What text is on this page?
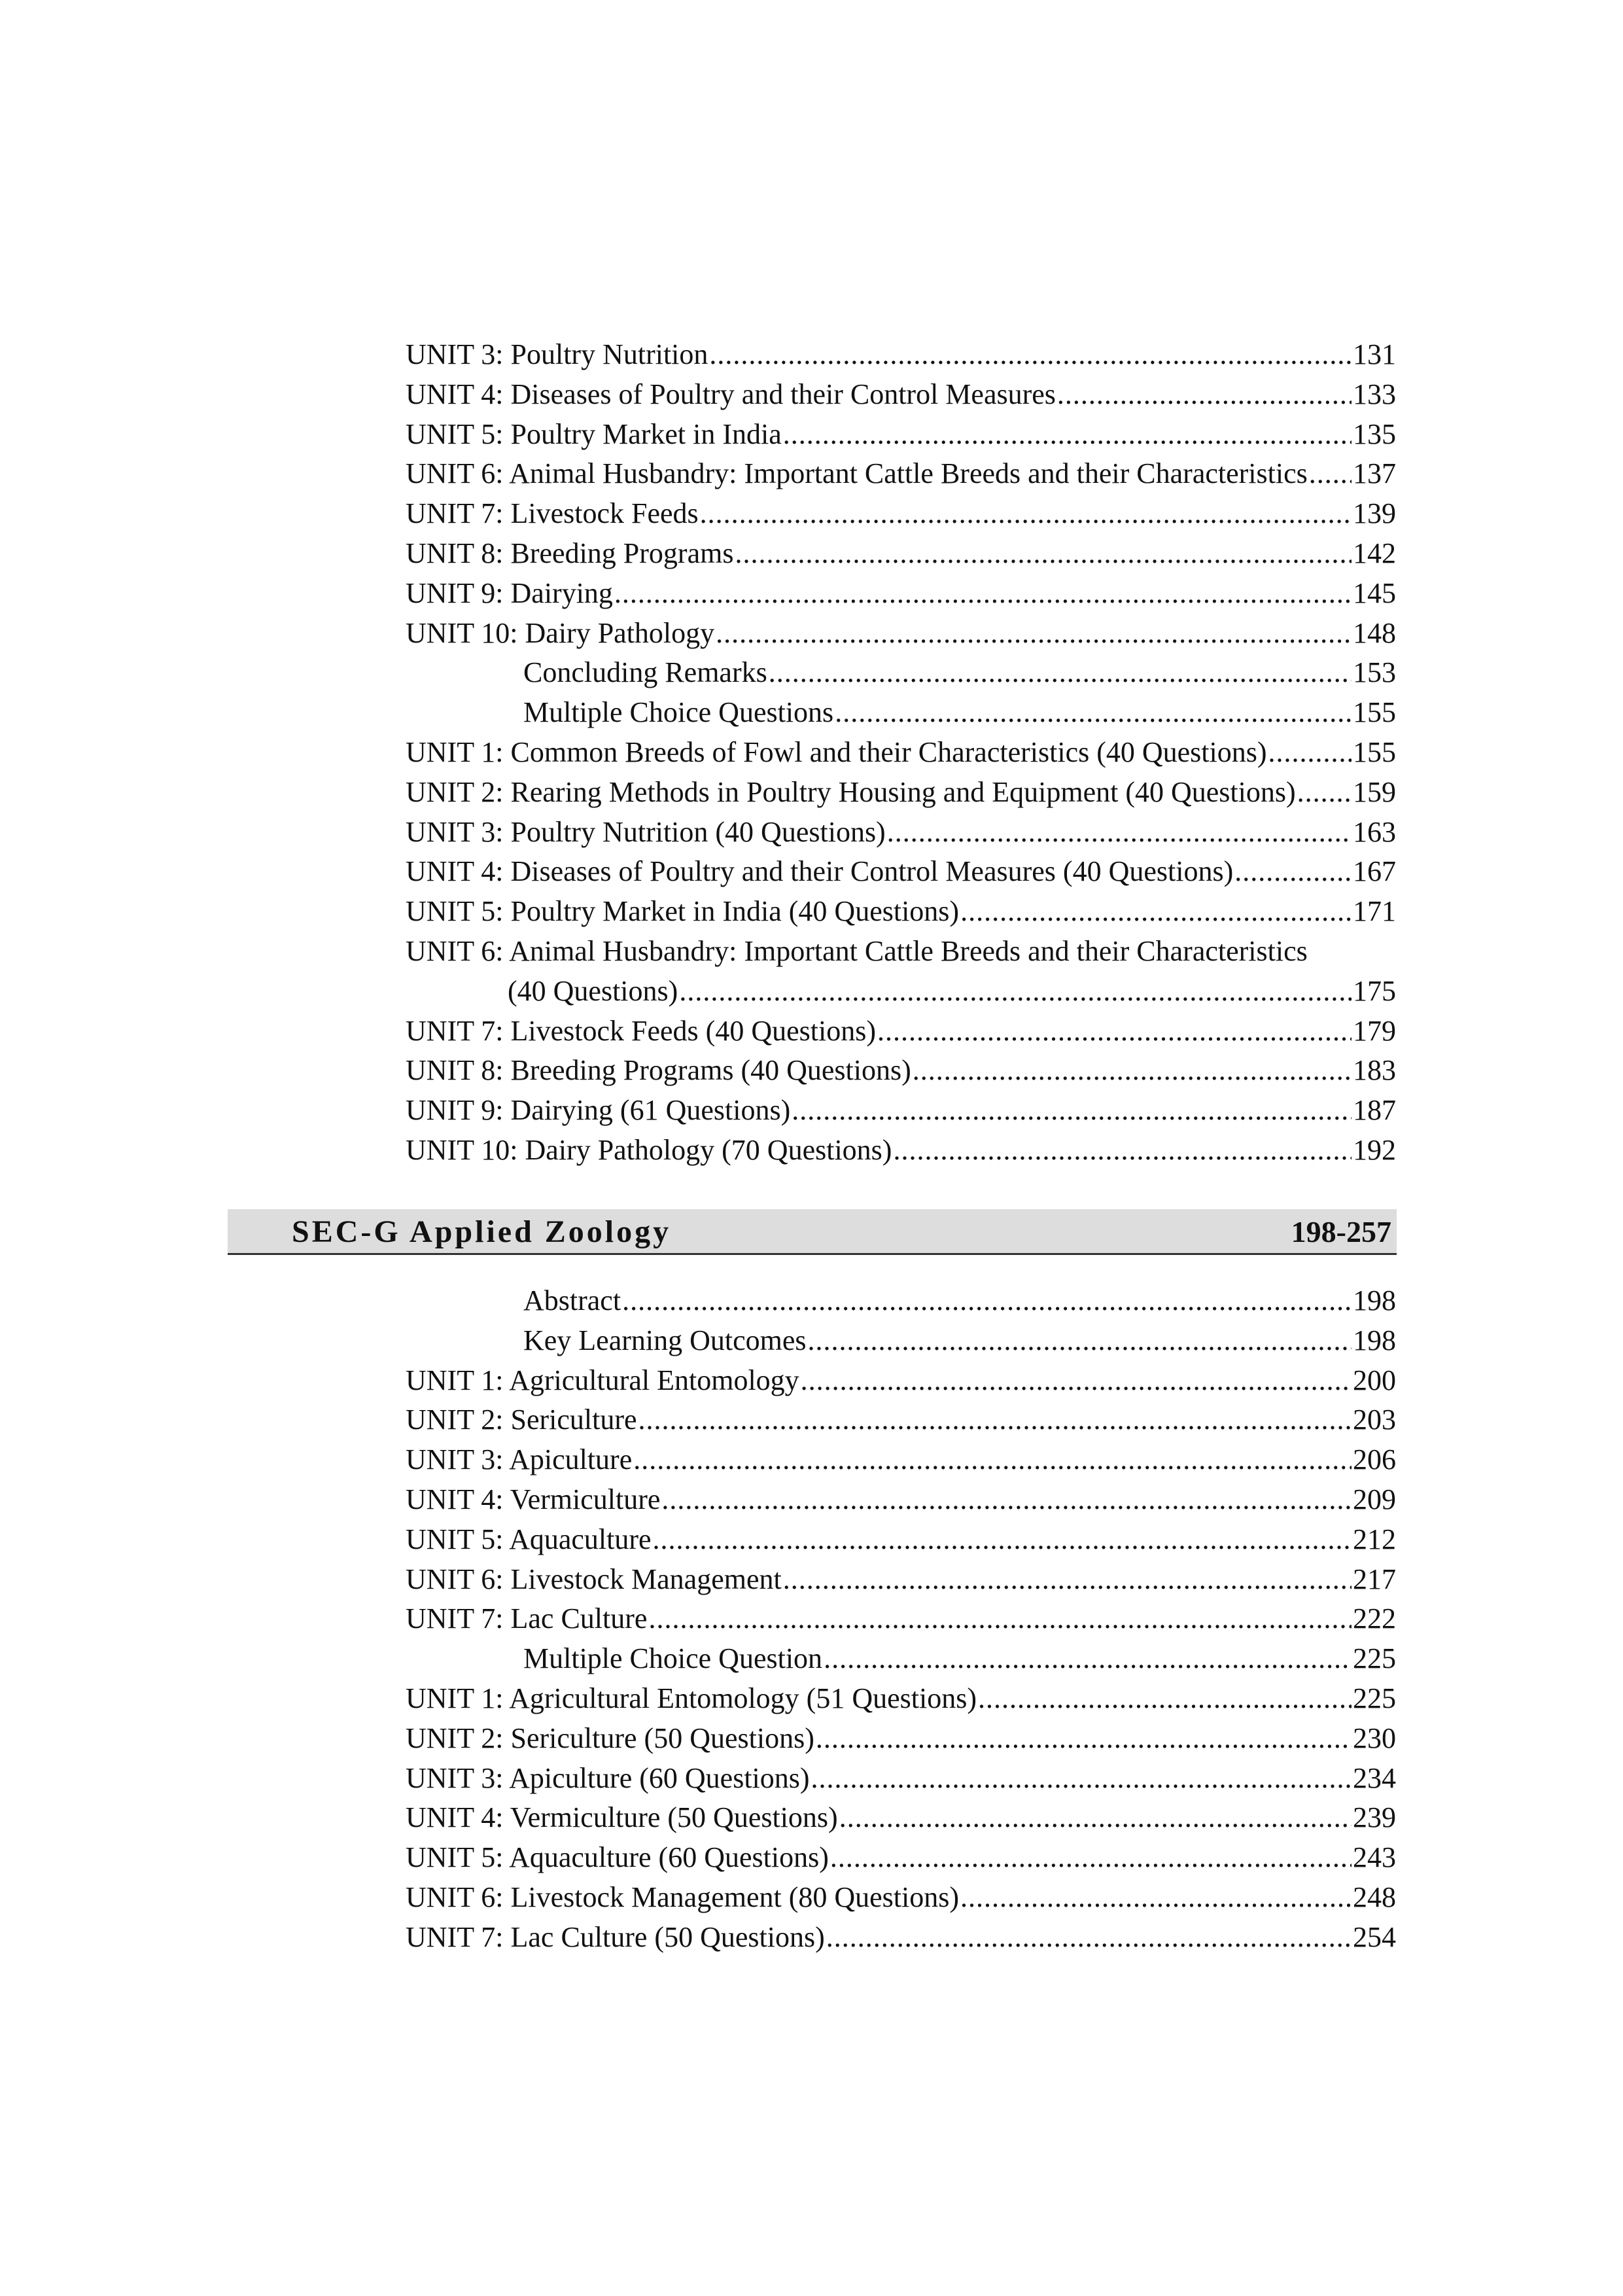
UNIT 3: Poultry Nutrition .....	131
UNIT 4: Diseases of Poultry and their Control Measures .....	133
UNIT 5: Poultry Market in India .....	135
UNIT 6: Animal Husbandry: Important Cattle Breeds and their Characteristics ..... 137
UNIT 7: Livestock Feeds .....	139
UNIT 8: Breeding Programs .....	142
UNIT 9: Dairying .....	145
UNIT 10: Dairy Pathology .....	148
Concluding Remarks .....	153
Multiple Choice Questions .....	155
UNIT 1: Common Breeds of Fowl and their Characteristics (40 Questions) .....	155
UNIT 2: Rearing Methods in Poultry Housing and Equipment (40 Questions) ..... 159
UNIT 3: Poultry Nutrition (40 Questions) .....	163
UNIT 4: Diseases of Poultry and their Control Measures (40 Questions) .....	167
UNIT 5: Poultry Market in India (40 Questions) .....	171
UNIT 6: Animal Husbandry: Important Cattle Breeds and their Characteristics
(40 Questions) .....	175
UNIT 7: Livestock Feeds (40 Questions) .....	179
UNIT 8: Breeding Programs (40 Questions) .....	183
UNIT 9: Dairying (61 Questions) .....	187
UNIT 10: Dairy Pathology (70 Questions) .....	192
SEC-G Applied Zoology	198-257
Abstract .....	198
Key Learning Outcomes .....	198
UNIT 1: Agricultural Entomology .....	200
UNIT 2: Sericulture .....	203
UNIT 3: Apiculture .....	206
UNIT 4: Vermiculture .....	209
UNIT 5: Aquaculture .....	212
UNIT 6: Livestock Management .....	217
UNIT 7: Lac Culture .....	222
Multiple Choice Question .....	225
UNIT 1: Agricultural Entomology (51 Questions) .....	225
UNIT 2: Sericulture (50 Questions) .....	230
UNIT 3: Apiculture (60 Questions) .....	234
UNIT 4: Vermiculture (50 Questions) .....	239
UNIT 5: Aquaculture (60 Questions) .....	243
UNIT 6: Livestock Management (80 Questions) .....	248
UNIT 7: Lac Culture (50 Questions) .....	254
